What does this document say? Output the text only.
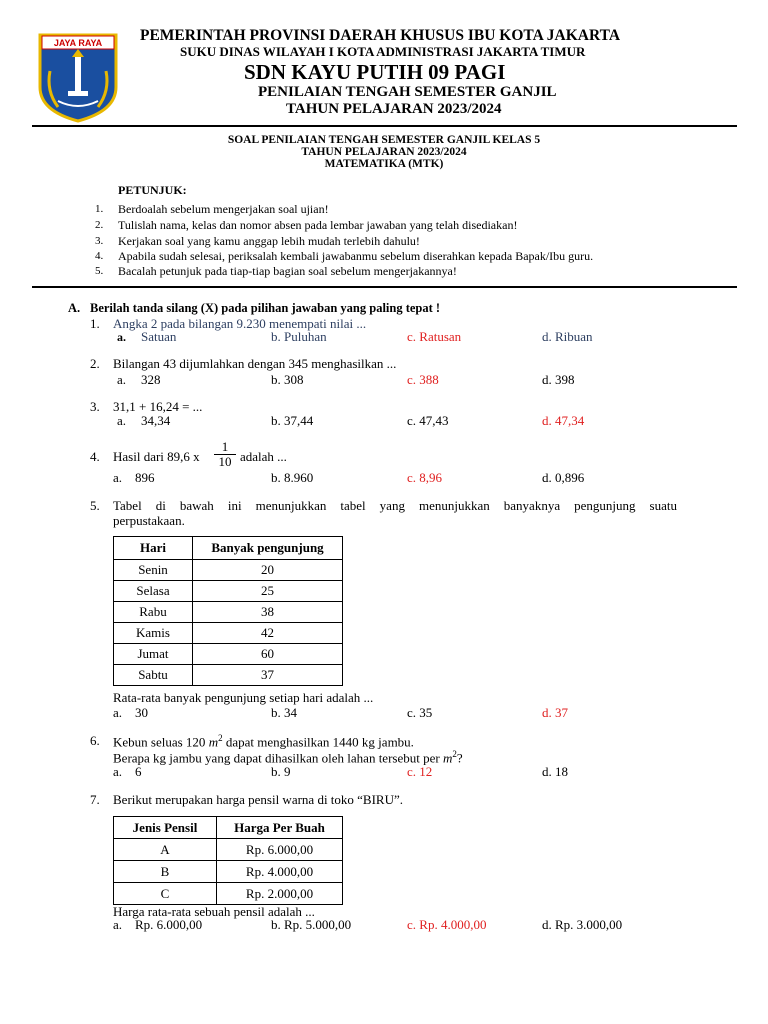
JAYA RAYA PEMERINTAH PROVINSI DAERAH KHUSUS IBU KOTA JAKARTA
SUKU DINAS WILAYAH I KOTA ADMINISTRASI JAKARTA TIMUR
SDN KAYU PUTIH 09 PAGI
PENILAIAN TENGAH SEMESTER GANJIL
TAHUN PELAJARAN 2023/2024
SOAL PENILAIAN TENGAH SEMESTER GANJIL KELAS 5
TAHUN PELAJARAN 2023/2024
MATEMATIKA (MTK)
PETUNJUK:
1. Berdoalah sebelum mengerjakan soal ujian!
2. Tulislah nama, kelas dan nomor absen pada lembar jawaban yang telah disediakan!
3. Kerjakan soal yang kamu anggap lebih mudah terlebih dahulu!
4. Apabila sudah selesai, periksalah kembali jawabanmu sebelum diserahkan kepada Bapak/Ibu guru.
5. Bacalah petunjuk pada tiap-tiap bagian soal sebelum mengerjakannya!
A. Berilah tanda silang (X) pada pilihan jawaban yang paling tepat !
1. Angka 2 pada bilangan 9.230 menempati nilai ...
a. Satuan	b. Puluhan	c. Ratusan	d. Ribuan
2. Bilangan 43 dijumlahkan dengan 345 menghasilkan ...
a. 328	b. 308	c. 388	d. 398
3. 31,1 + 16,24 = ...
a. 34,34	b. 37,44	c. 47,43	d. 47,34
4. Hasil dari 89,6 x $\frac{1}{10}$ adalah ...
a. 896	b. 8.960	c. 8,96	d. 0,896
5. Tabel di bawah ini menunjukkan tabel yang menunjukkan banyaknya pengunjung suatu
perpustakaan.
Hari	Banyak pengunjung
Senin	20
Selasa	25
Rabu	38
Kamis	42
Jumat	60
Sabtu	37
Rata-rata banyak pengunjung setiap hari adalah ...
a. 30	b. 34	c. 35	d. 37
6. Kebun seluas 120 $m^2$ dapat menghasilkan 1440 kg jambu.
Berapa kg jambu yang dapat dihasilkan oleh lahan tersebut per $m^2$?
a. 6	b. 9	c. 12	d. 18
7. Berikut merupakan harga pensil warna di toko “BIRU”.
Jenis Pensil	Harga Per Buah
A	Rp. 6.000,00
B	Rp. 4.000,00
C	Rp. 2.000,00
Harga rata-rata sebuah pensil adalah ...
a. Rp. 6.000,00	b. Rp. 5.000,00	c. Rp. 4.000,00	d. Rp. 3.000,00
